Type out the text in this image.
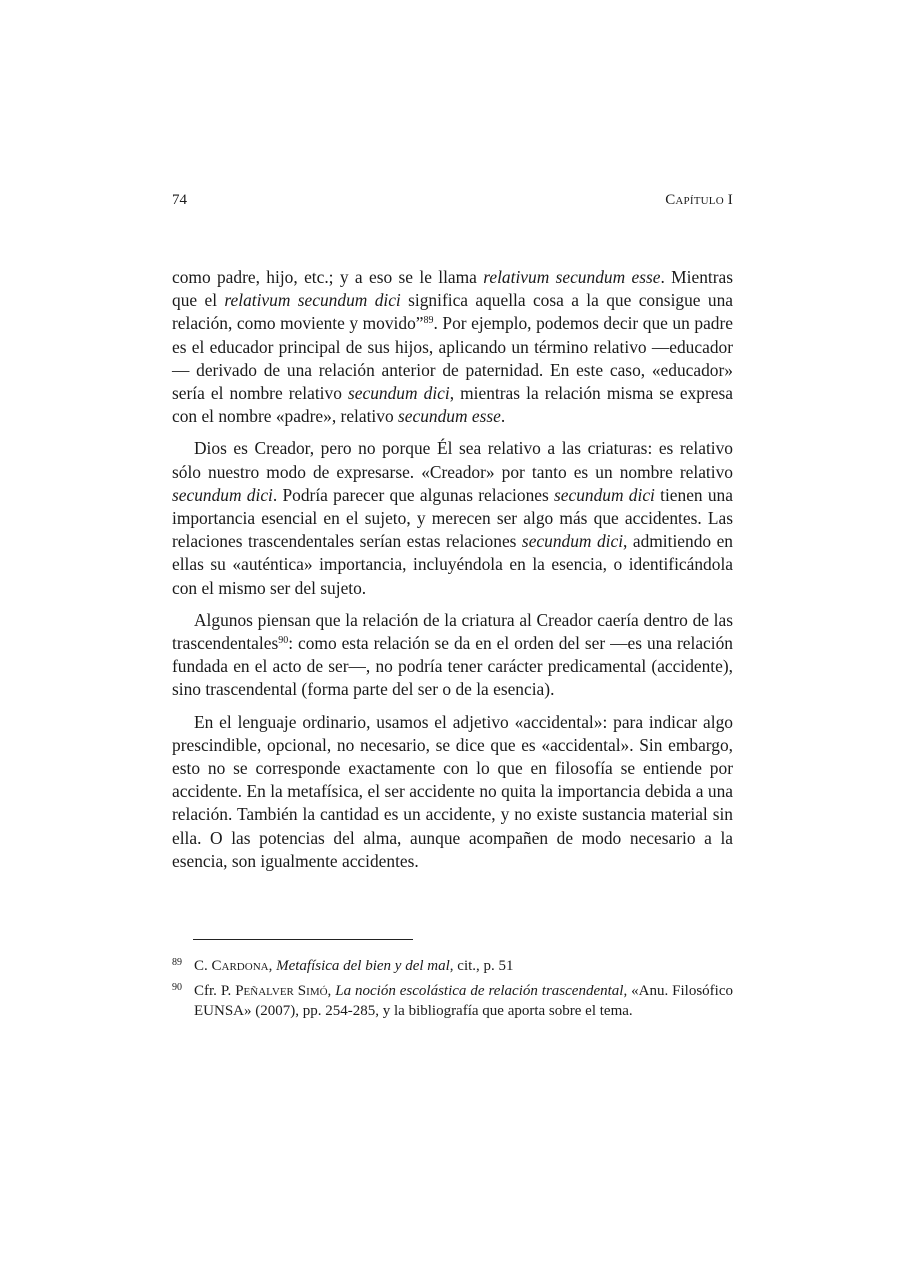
74	Capítulo I

como padre, hijo, etc.; y a eso se le llama relativum secundum esse. Mientras que el relativum secundum dici significa aquella cosa a la que consigue una relación, como moviente y movido”$^{89}$. Por ejemplo, podemos decir que un padre es el educador principal de sus hijos, aplicando un término relativo —educador— derivado de una relación anterior de paternidad. En este caso, «educador» sería el nombre relativo secundum dici, mientras la relación misma se expresa con el nombre «padre», relativo secundum esse.

Dios es Creador, pero no porque Él sea relativo a las criaturas: es relativo sólo nuestro modo de expresarse. «Creador» por tanto es un nombre relativo secundum dici. Podría parecer que algunas relaciones secundum dici tienen una importancia esencial en el sujeto, y merecen ser algo más que accidentes. Las relaciones trascendentales serían estas relaciones secundum dici, admitiendo en ellas su «auténtica» importancia, incluyéndola en la esencia, o identificándola con el mismo ser del sujeto.

Algunos piensan que la relación de la criatura al Creador caería dentro de las trascendentales$^{90}$: como esta relación se da en el orden del ser —es una relación fundada en el acto de ser—, no podría tener carácter predicamental (accidente), sino trascendental (forma parte del ser o de la esencia).

En el lenguaje ordinario, usamos el adjetivo «accidental»: para indicar algo prescindible, opcional, no necesario, se dice que es «accidental». Sin embargo, esto no se corresponde exactamente con lo que en filosofía se entiende por accidente. En la metafísica, el ser accidente no quita la importancia debida a una relación. También la cantidad es un accidente, y no existe sustancia material sin ella. O las potencias del alma, aunque acompañen de modo necesario a la esencia, son igualmente accidentes.

89 C. Cardona, Metafísica del bien y del mal, cit., p. 51
90 Cfr. P. Peñalver Simó, La noción escolástica de relación trascendental, «Anu. Filosófico EUNSA» (2007), pp. 254-285, y la bibliografía que aporta sobre el tema.
